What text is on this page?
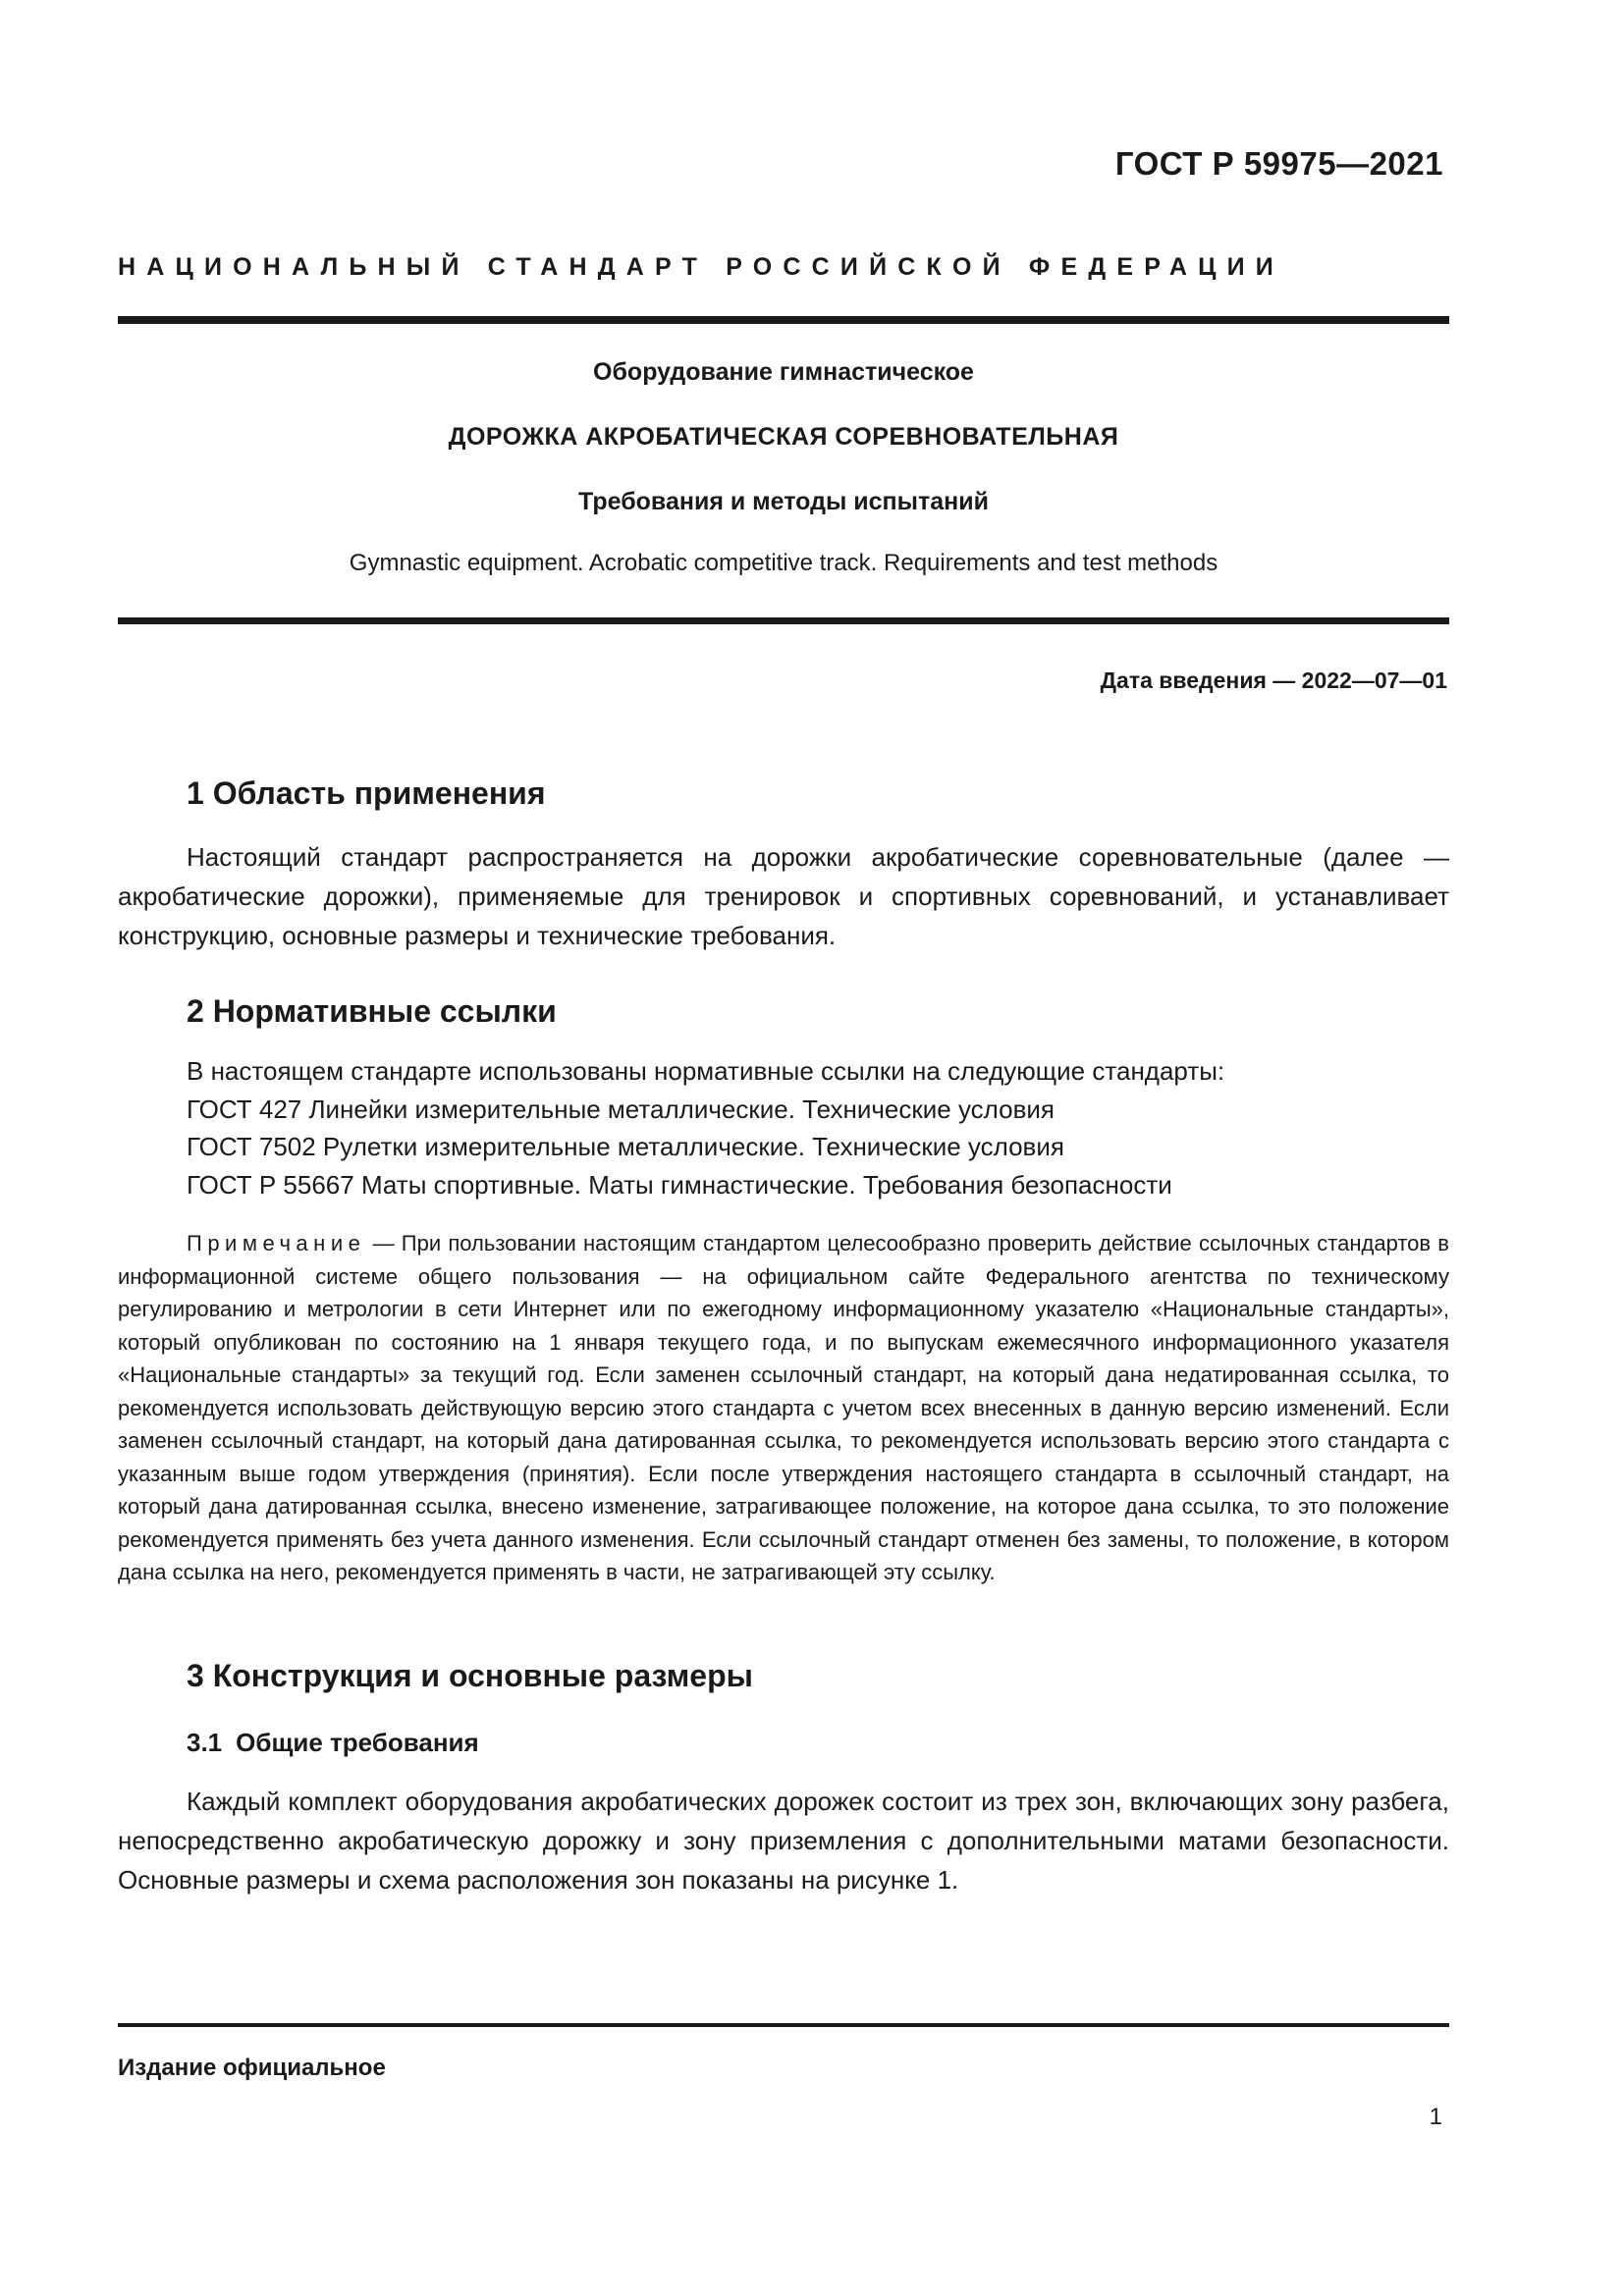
ГОСТ Р 59975—2021
НАЦИОНАЛЬНЫЙ СТАНДАРТ РОССИЙСКОЙ ФЕДЕРАЦИИ
Оборудование гимнастическое
ДОРОЖКА АКРОБАТИЧЕСКАЯ СОРЕВНОВАТЕЛЬНАЯ
Требования и методы испытаний
Gymnastic equipment. Acrobatic competitive track. Requirements and test methods
Дата введения — 2022—07—01
1 Область применения
Настоящий стандарт распространяется на дорожки акробатические соревновательные (далее — акробатические дорожки), применяемые для тренировок и спортивных соревнований, и устанавливает конструкцию, основные размеры и технические требования.
2 Нормативные ссылки
В настоящем стандарте использованы нормативные ссылки на следующие стандарты:
ГОСТ 427 Линейки измерительные металлические. Технические условия
ГОСТ 7502 Рулетки измерительные металлические. Технические условия
ГОСТ Р 55667 Маты спортивные. Маты гимнастические. Требования безопасности
Примечание — При пользовании настоящим стандартом целесообразно проверить действие ссылочных стандартов в информационной системе общего пользования — на официальном сайте Федерального агентства по техническому регулированию и метрологии в сети Интернет или по ежегодному информационному указателю «Национальные стандарты», который опубликован по состоянию на 1 января текущего года, и по выпускам ежемесячного информационного указателя «Национальные стандарты» за текущий год. Если заменен ссылочный стандарт, на который дана недатированная ссылка, то рекомендуется использовать действующую версию этого стандарта с учетом всех внесенных в данную версию изменений. Если заменен ссылочный стандарт, на который дана датированная ссылка, то рекомендуется использовать версию этого стандарта с указанным выше годом утверждения (принятия). Если после утверждения настоящего стандарта в ссылочный стандарт, на который дана датированная ссылка, внесено изменение, затрагивающее положение, на которое дана ссылка, то это положение рекомендуется применять без учета данного изменения. Если ссылочный стандарт отменен без замены, то положение, в котором дана ссылка на него, рекомендуется применять в части, не затрагивающей эту ссылку.
3 Конструкция и основные размеры
3.1 Общие требования
Каждый комплект оборудования акробатических дорожек состоит из трех зон, включающих зону разбега, непосредственно акробатическую дорожку и зону приземления с дополнительными матами безопасности. Основные размеры и схема расположения зон показаны на рисунке 1.
Издание официальное
1
